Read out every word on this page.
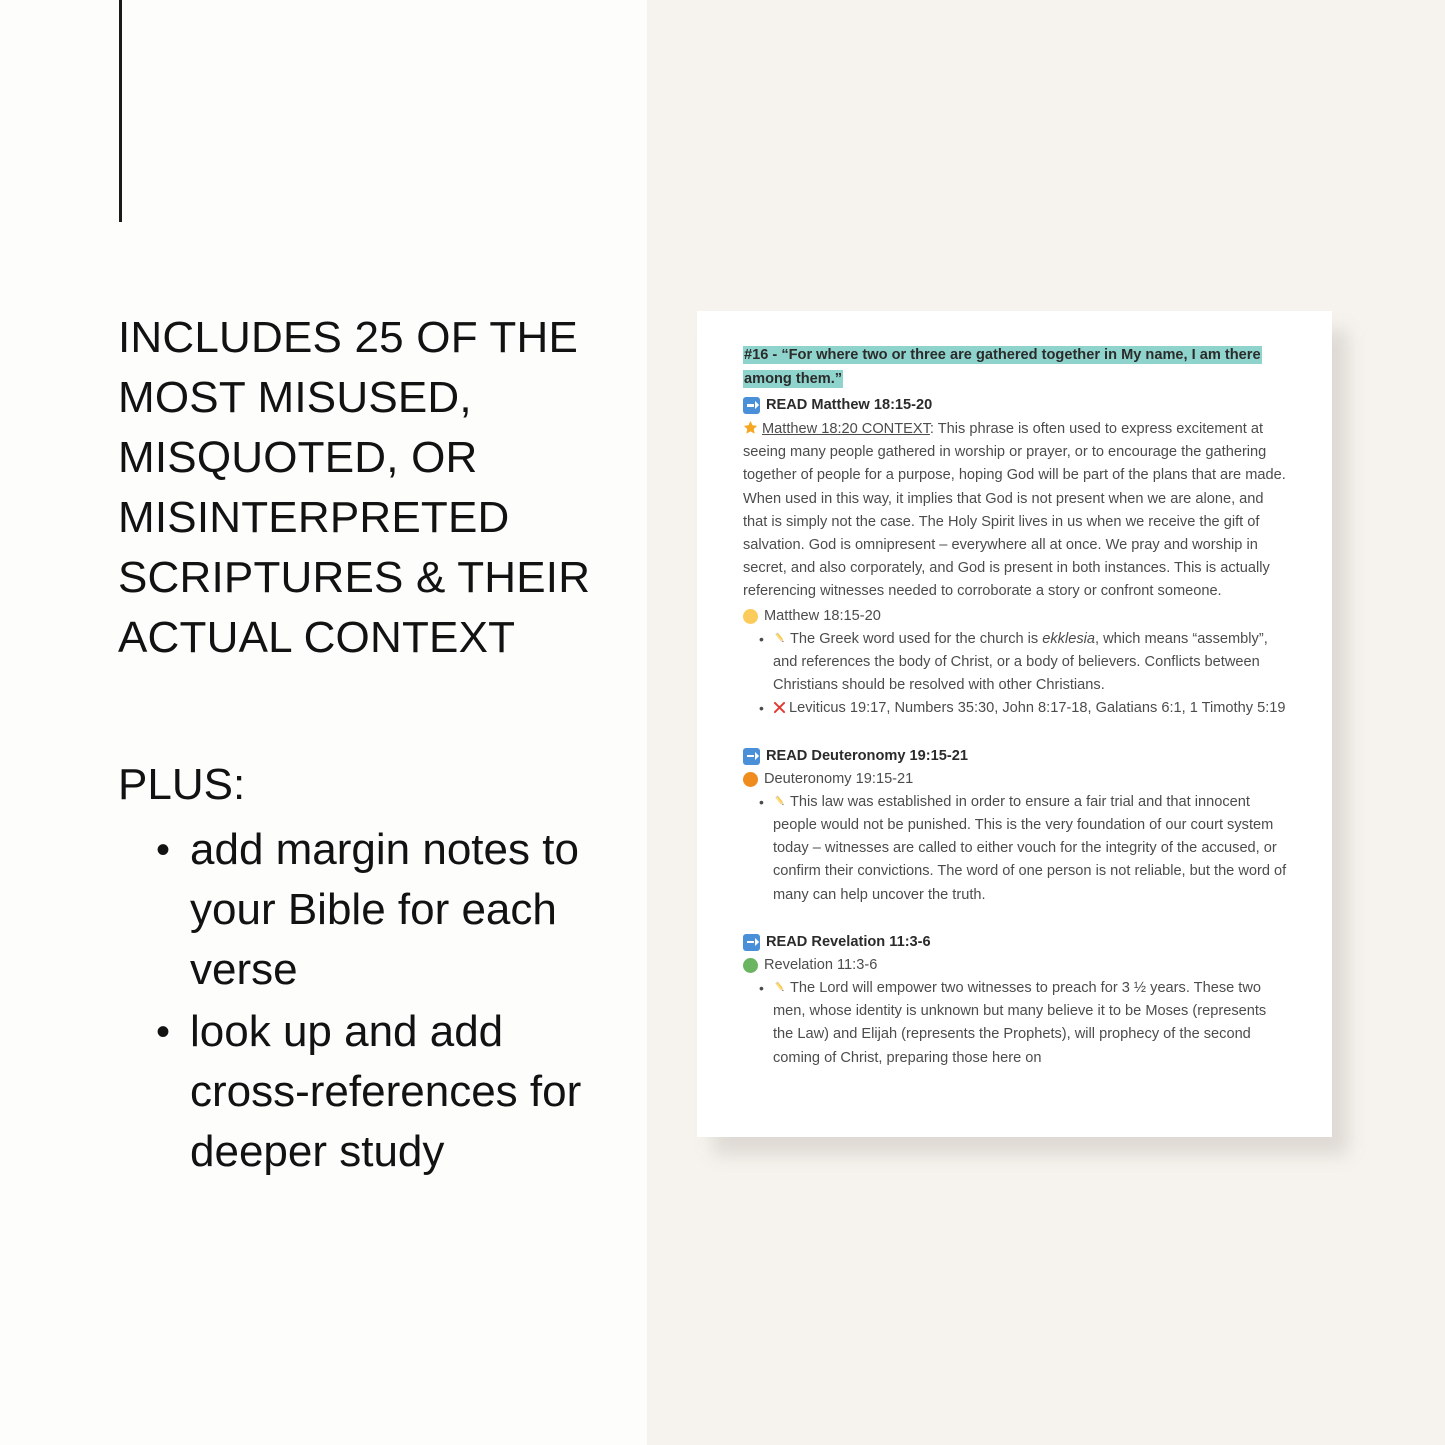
INCLUDES 25 OF THE MOST MISUSED, MISQUOTED, OR MISINTERPRETED SCRIPTURES & THEIR ACTUAL CONTEXT
PLUS:
• add margin notes to your Bible for each verse
• look up and add cross-references for deeper study
#16 - “For where two or three are gathered together in My name, I am there among them.”
READ Matthew 18:15-20
Matthew 18:20 CONTEXT: This phrase is often used to express excitement at seeing many people gathered in worship or prayer, or to encourage the gathering together of people for a purpose, hoping God will be part of the plans that are made. When used in this way, it implies that God is not present when we are alone, and that is simply not the case. The Holy Spirit lives in us when we receive the gift of salvation. God is omnipresent – everywhere all at once. We pray and worship in secret, and also corporately, and God is present in both instances. This is actually referencing witnesses needed to corroborate a story or confront someone.
Matthew 18:15-20
• The Greek word used for the church is ekklesia, which means “assembly”, and references the body of Christ, or a body of believers. Conflicts between Christians should be resolved with other Christians.
• Leviticus 19:17, Numbers 35:30, John 8:17-18, Galatians 6:1, 1 Timothy 5:19
READ Deuteronomy 19:15-21
Deuteronomy 19:15-21
• This law was established in order to ensure a fair trial and that innocent people would not be punished. This is the very foundation of our court system today – witnesses are called to either vouch for the integrity of the accused, or confirm their convictions. The word of one person is not reliable, but the word of many can help uncover the truth.
READ Revelation 11:3-6
Revelation 11:3-6
• The Lord will empower two witnesses to preach for 3 ½ years. These two men, whose identity is unknown but many believe it to be Moses (represents the Law) and Elijah (represents the Prophets), will prophecy of the second coming of Christ, preparing those here on
